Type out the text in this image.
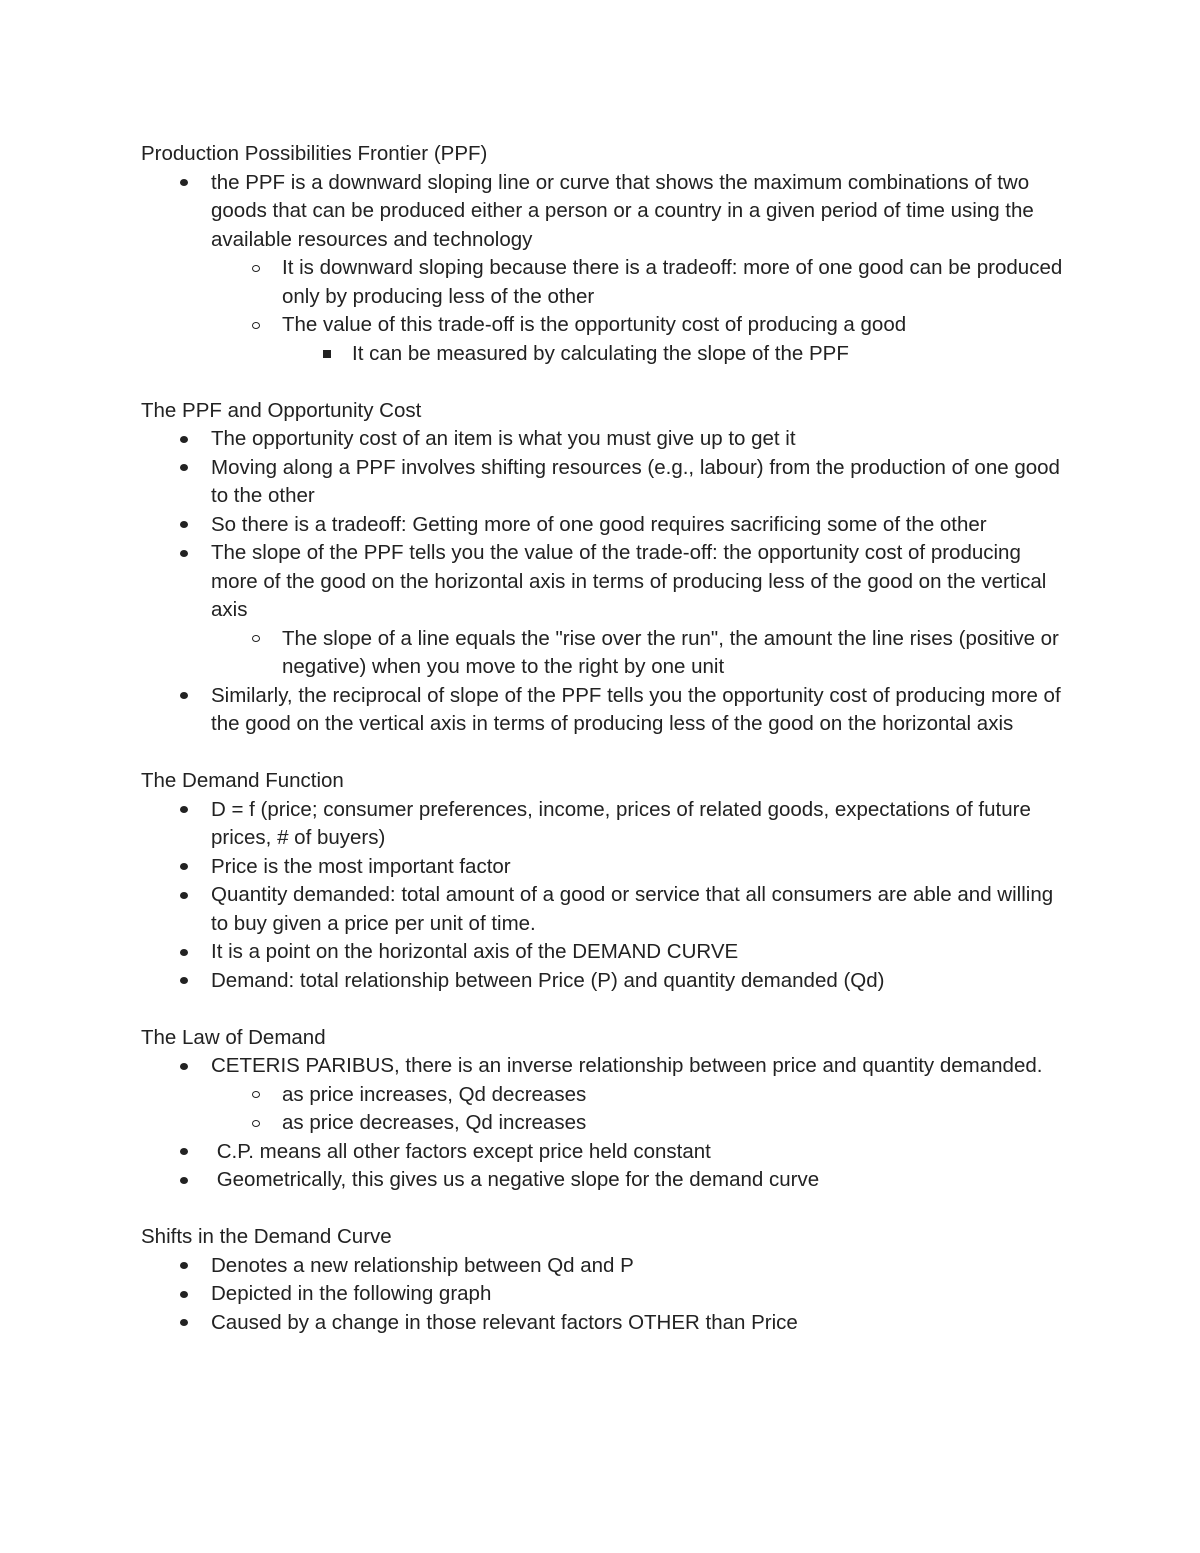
Production Possibilities Frontier (PPF)
the PPF is a downward sloping line or curve that shows the maximum combinations of two goods that can be produced either a person or a country in a given period of time using the available resources and technology
It is downward sloping because there is a tradeoff: more of one good can be produced only by producing less of the other
The value of this trade-off is the opportunity cost of producing a good
It can be measured by calculating the slope of the PPF
The PPF and Opportunity Cost
The opportunity cost of an item is what you must give up to get it
Moving along a PPF involves shifting resources (e.g., labour) from the production of one good to the other
So there is a tradeoff: Getting more of one good requires sacrificing some of the other
The slope of the PPF tells you the value of the trade-off: the opportunity cost of producing more of the good on the horizontal axis in terms of producing less of the good on the vertical axis
The slope of a line equals the "rise over the run", the amount the line rises (positive or negative) when you move to the right by one unit
Similarly, the reciprocal of slope of the PPF tells you the opportunity cost of producing more of the good on the vertical axis in terms of producing less of the good on the horizontal axis
The Demand Function
D = f (price; consumer preferences, income, prices of related goods, expectations of future prices, # of buyers)
Price is the most important factor
Quantity demanded: total amount of a good or service that all consumers are able and willing to buy given a price per unit of time.
It is a point on the horizontal axis of the DEMAND CURVE
Demand: total relationship between Price (P) and quantity demanded (Qd)
The Law of Demand
CETERIS PARIBUS, there is an inverse relationship between price and quantity demanded.
as price increases, Qd decreases
as price decreases, Qd increases
C.P. means all other factors except price held constant
Geometrically, this gives us a negative slope for the demand curve
Shifts in the Demand Curve
Denotes a new relationship between Qd and P
Depicted in the following graph
Caused by a change in those relevant factors OTHER than Price
